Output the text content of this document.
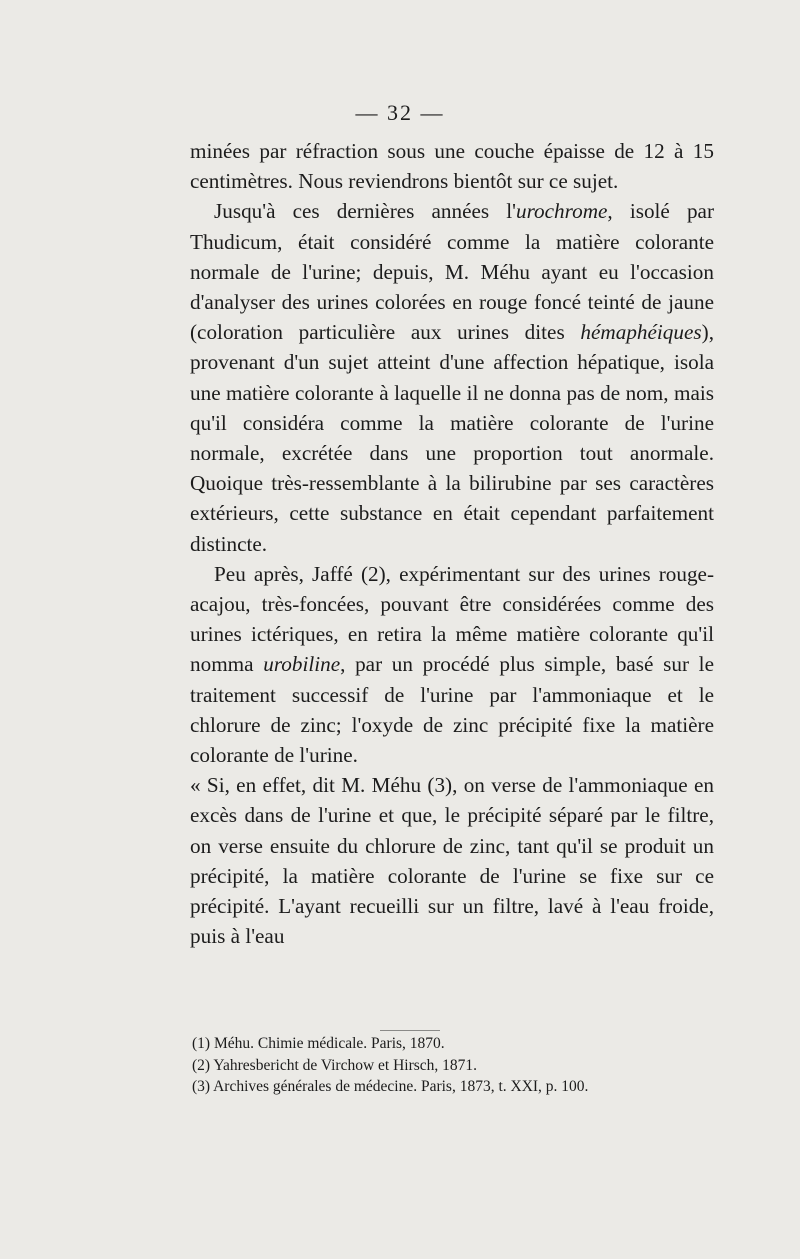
— 32 —

minées par réfraction sous une couche épaisse de 12 à 15 centimètres. Nous reviendrons bientôt sur ce sujet.

Jusqu'à ces dernières années l'urochrome, isolé par Thudicum, était considéré comme la matière colorante normale de l'urine; depuis, M. Méhu ayant eu l'occasion d'analyser des urines colorées en rouge foncé teinté de jaune (coloration particulière aux urines dites hémaphéiques), provenant d'un sujet atteint d'une affection hépatique, isola une matière colorante à laquelle il ne donna pas de nom, mais qu'il considéra comme la matière colorante de l'urine normale, excrétée dans une proportion tout anormale. Quoique très-ressemblante à la bilirubine par ses caractères extérieurs, cette substance en était cependant parfaitement distincte.

Peu après, Jaffé (2), expérimentant sur des urines rouge-acajou, très-foncées, pouvant être considérées comme des urines ictériques, en retira la même matière colorante qu'il nomma urobiline, par un procédé plus simple, basé sur le traitement successif de l'urine par l'ammoniaque et le chlorure de zinc; l'oxyde de zinc précipité fixe la matière colorante de l'urine.

« Si, en effet, dit M. Méhu (3), on verse de l'ammoniaque en excès dans de l'urine et que, le précipité séparé par le filtre, on verse ensuite du chlorure de zinc, tant qu'il se produit un précipité, la matière colorante de l'urine se fixe sur ce précipité. L'ayant recueilli sur un filtre, lavé à l'eau froide, puis à l'eau

(1) Méhu. Chimie médicale. Paris, 1870.

(2) Yahresbericht de Virchow et Hirsch, 1871.

(3) Archives générales de médecine. Paris, 1873, t. XXI, p. 100.
